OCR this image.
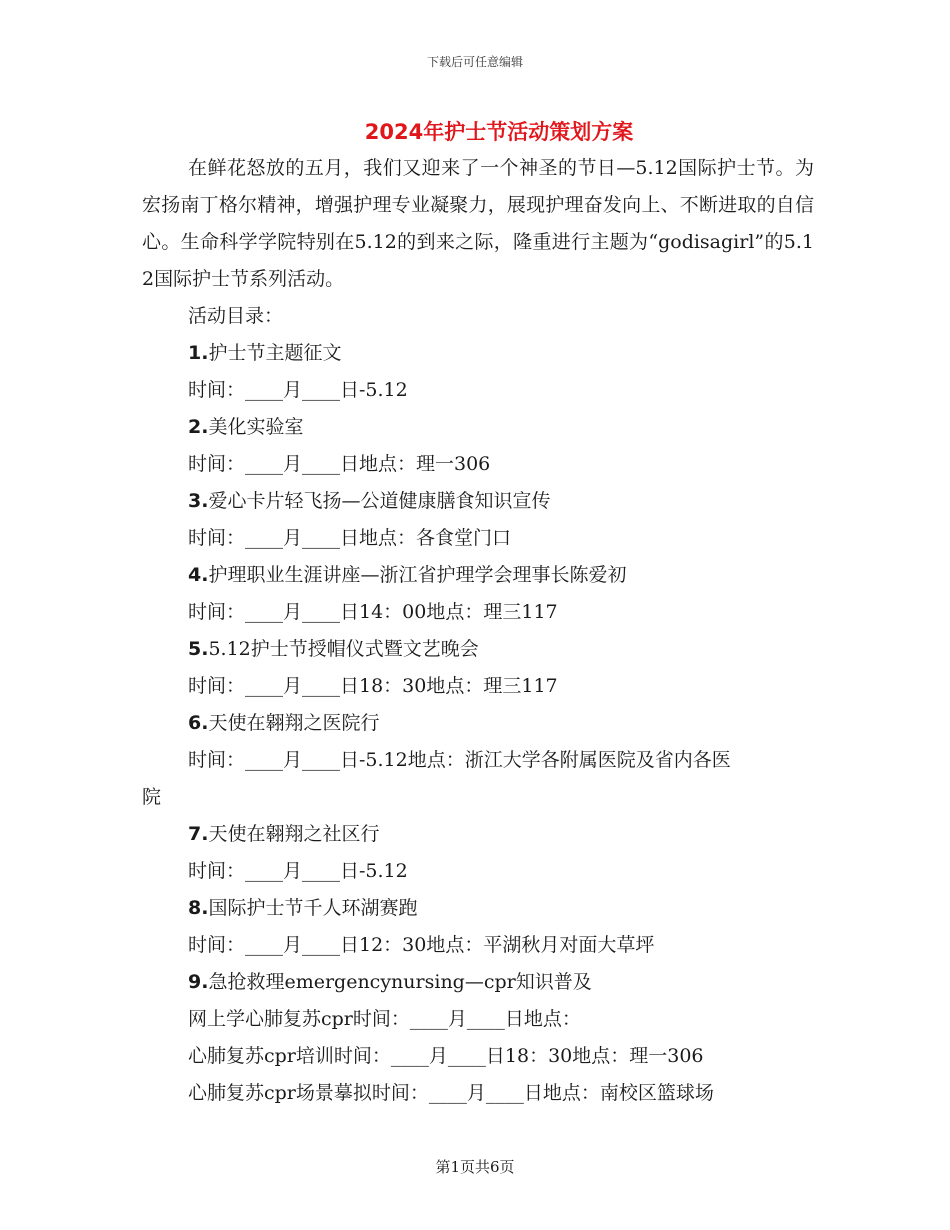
下载后可任意编辑
2024年护士节活动策划方案

在鲜花怒放的五月，我们又迎来了一个神圣的节日—5.12国际护士节。为宏扬南丁格尔精神，增强护理专业凝聚力，展现护理奋发向上、不断进取的自信心。生命科学学院特别在5.12的到来之际，隆重进行主题为“godisagirl”的5.12国际护士节系列活动。

活动目录：
1.护士节主题征文
时间：____月____日-5.12
2.美化实验室
时间：____月____日地点：理一306
3.爱心卡片轻飞扬—公道健康膳食知识宣传
时间：____月____日地点：各食堂门口
4.护理职业生涯讲座—浙江省护理学会理事长陈爱初
时间：____月____日14：00地点：理三117
5.5.12护士节授帽仪式暨文艺晚会
时间：____月____日18：30地点：理三117
6.天使在翱翔之医院行
时间：____月____日-5.12地点：浙江大学各附属医院及省内各医
院
7.天使在翱翔之社区行
时间：____月____日-5.12
8.国际护士节千人环湖赛跑
时间：____月____日12：30地点：平湖秋月对面大草坪
9.急抢救理emergencynursing—cpr知识普及
网上学心肺复苏cpr时间：____月____日地点：
心肺复苏cpr培训时间：____月____日18：30地点：理一306
心肺复苏cpr场景摹拟时间：____月____日地点：南校区篮球场
第1页共6页
